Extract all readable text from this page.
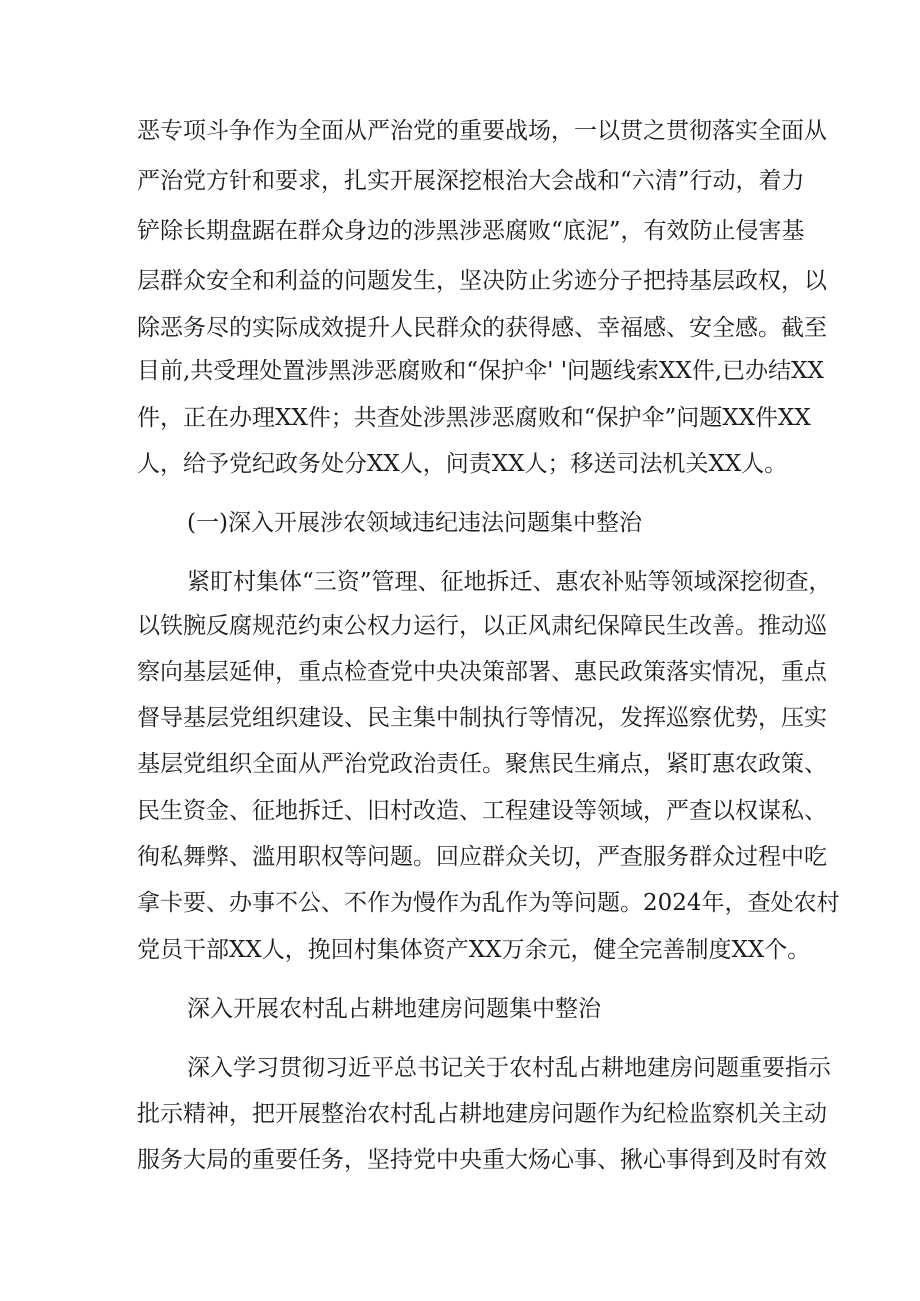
恶专项斗争作为全面从严治党的重要战场，一以贯之贯彻落实全面从
严治党方针和要求，扎实开展深挖根治大会战和“六清”行动，着力
铲除长期盘踞在群众身边的涉黑涉恶腐败“底泥”，有效防止侵害基
层群众安全和利益的问题发生，坚决防止劣迹分子把持基层政权，以
除恶务尽的实际成效提升人民群众的获得感、幸福感、安全感。截至
目前,共受理处置涉黑涉恶腐败和“保护伞' '问题线索XX件,已办结XX
件，正在办理XX件；共查处涉黑涉恶腐败和“保护伞”问题XX件XX
人，给予党纪政务处分XX人，问责XX人；移送司法机关XX人。
(一)深入开展涉农领域违纪违法问题集中整治
紧盯村集体“三资”管理、征地拆迁、惠农补贴等领域深挖彻查，
以铁腕反腐规范约束公权力运行，以正风肃纪保障民生改善。推动巡
察向基层延伸，重点检查党中央决策部署、惠民政策落实情况，重点
督导基层党组织建设、民主集中制执行等情况，发挥巡察优势，压实
基层党组织全面从严治党政治责任。聚焦民生痛点，紧盯惠农政策、
民生资金、征地拆迁、旧村改造、工程建设等领域，严查以权谋私、
徇私舞弊、滥用职权等问题。回应群众关切，严查服务群众过程中吃
拿卡要、办事不公、不作为慢作为乱作为等问题。2024年，查处农村
党员干部XX人，挽回村集体资产XX万余元，健全完善制度XX个。
深入开展农村乱占耕地建房问题集中整治
深入学习贯彻习近平总书记关于农村乱占耕地建房问题重要指示
批示精神，把开展整治农村乱占耕地建房问题作为纪检监察机关主动
服务大局的重要任务，坚持党中央重大炀心事、揪心事得到及时有效
